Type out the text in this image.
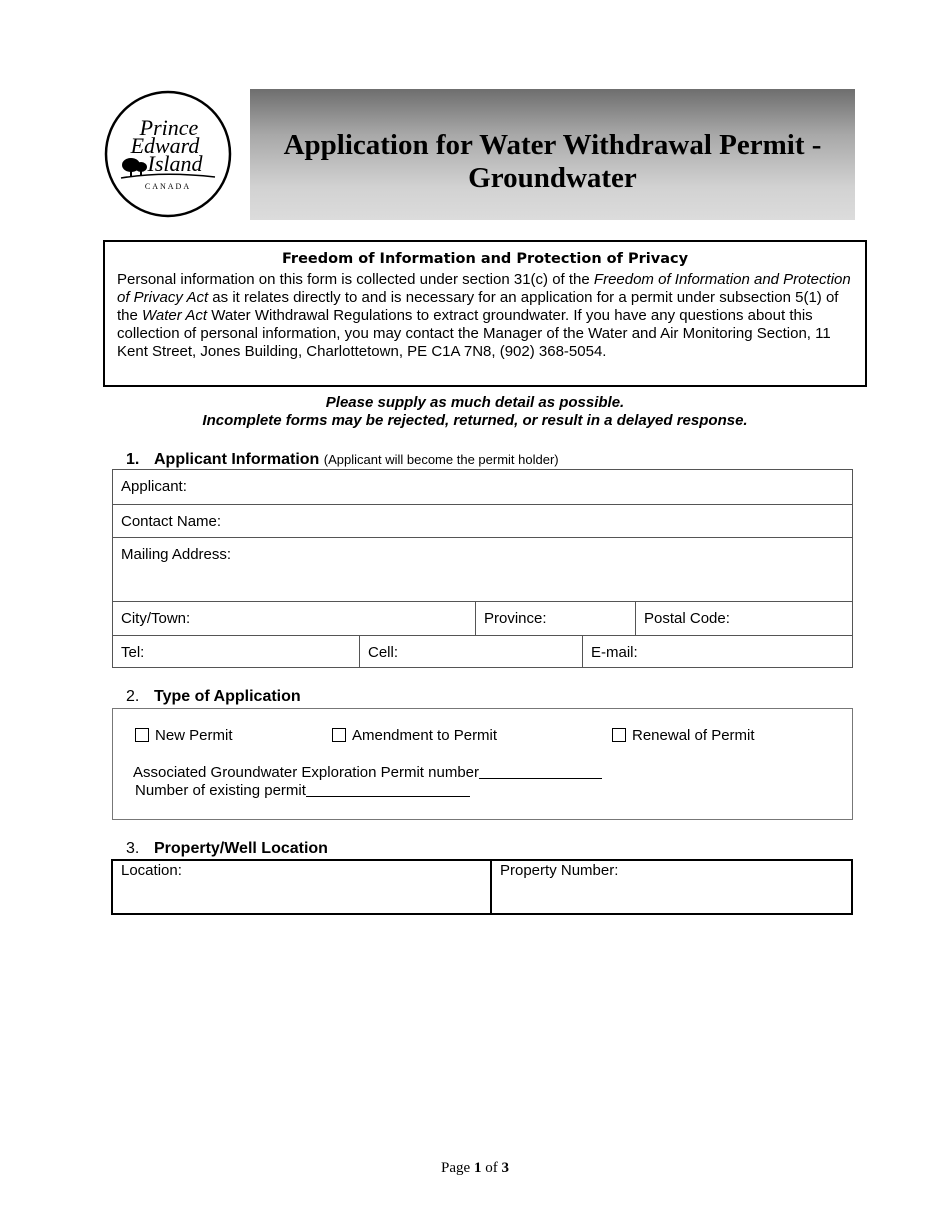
Prince
Edward
Island
CANADA
Application for Water Withdrawal Permit -
Groundwater
Freedom of Information and Protection of Privacy
Personal information on this form is collected under section 31(c) of the Freedom of Information and Protection of Privacy Act as it relates directly to and is necessary for an application for a permit under subsection 5(1) of the Water Act Water Withdrawal Regulations to extract groundwater. If you have any questions about this collection of personal information, you may contact the Manager of the Water and Air Monitoring Section, 11 Kent Street, Jones Building, Charlottetown, PE C1A 7N8, (902) 368-5054.
Please supply as much detail as possible.
Incomplete forms may be rejected, returned, or result in a delayed response.
1. Applicant Information (Applicant will become the permit holder)
Applicant:
Contact Name:
Mailing Address:
City/Town:	Province:	Postal Code:
Tel:	Cell:	E-mail:
2. Type of Application
New Permit	Amendment to Permit	Renewal of Permit
Associated Groundwater Exploration Permit number
Number of existing permit
3. Property/Well Location
Location:	Property Number:
Page 1 of 3
